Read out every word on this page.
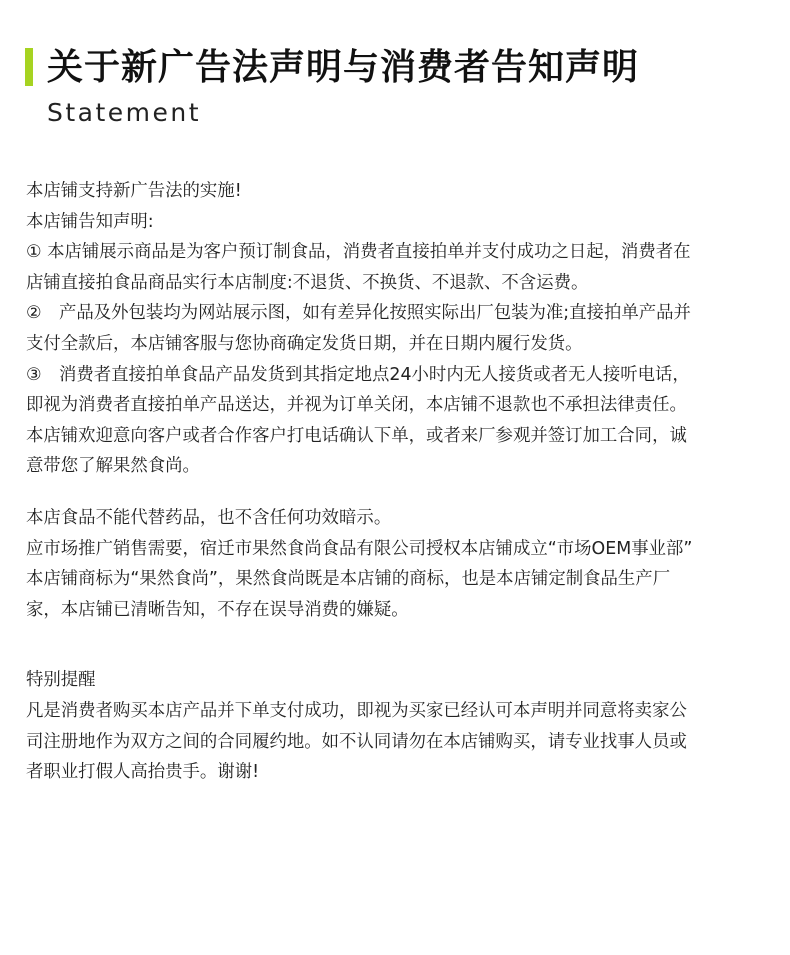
关于新广告法声明与消费者告知声明
Statement
本店铺支持新广告法的实施!
本店铺告知声明:
① 本店铺展示商品是为客户预订制食品，消费者直接拍单并支付成功之日起，消费者在
店铺直接拍食品商品实行本店制度:不退货、不换货、不退款、不含运费。
②　产品及外包装均为网站展示图，如有差异化按照实际出厂包装为准;直接拍单产品并
支付全款后，本店铺客服与您协商确定发货日期，并在日期内履行发货。
③　消费者直接拍单食品产品发货到其指定地点24小时内无人接货或者无人接听电话，
即视为消费者直接拍单产品送达，并视为订单关闭，本店铺不退款也不承担法律责任。
本店铺欢迎意向客户或者合作客户打电话确认下单，或者来厂参观并签订加工合同，诚
意带您了解果然食尚。
本店食品不能代替药品，也不含任何功效暗示。
应市场推广销售需要，宿迁市果然食尚食品有限公司授权本店铺成立“市场OEM事业部”
本店铺商标为“果然食尚”，果然食尚既是本店铺的商标，也是本店铺定制食品生产厂
家，本店铺已清晰告知，不存在误导消费的嫌疑。
特别提醒
凡是消费者购买本店产品并下单支付成功，即视为买家已经认可本声明并同意将卖家公
司注册地作为双方之间的合同履约地。如不认同请勿在本店铺购买，请专业找事人员或
者职业打假人高抬贵手。谢谢!
